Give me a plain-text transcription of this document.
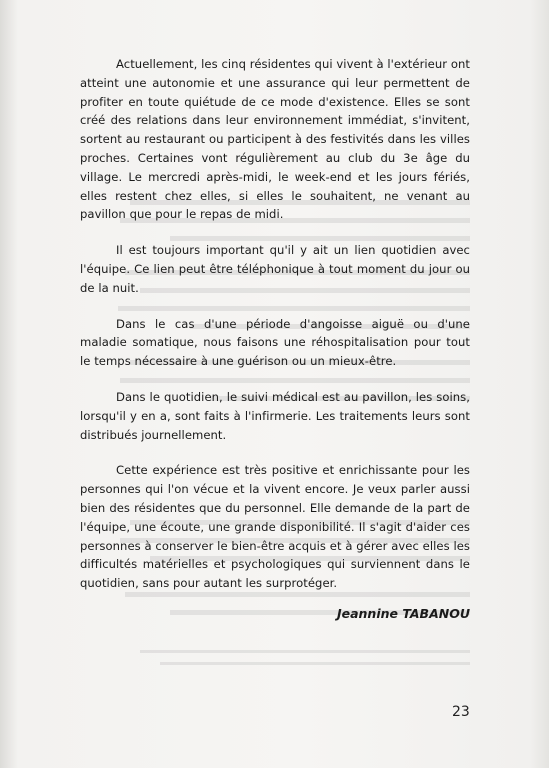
Actuellement, les cinq résidentes qui vivent à l'extérieur ont atteint une autonomie et une assurance qui leur permettent de profiter en toute quiétude de ce mode d'existence. Elles se sont créé des relations dans leur environnement immédiat, s'invitent, sortent au restaurant ou participent à des festivités dans les villes proches. Certaines vont régulièrement au club du 3e âge du village. Le mercredi après-midi, le week-end et les jours fériés, elles restent chez elles, si elles le souhaitent, ne venant au pavillon que pour le repas de midi.

Il est toujours important qu'il y ait un lien quotidien avec l'équipe. Ce lien peut être téléphonique à tout moment du jour ou de la nuit.

Dans le cas d'une période d'angoisse aiguë ou d'une maladie somatique, nous faisons une réhospitalisation pour tout le temps nécessaire à une guérison ou un mieux-être.

Dans le quotidien, le suivi médical est au pavillon, les soins, lorsqu'il y en a, sont faits à l'infirmerie. Les traitements leurs sont distribués journellement.

Cette expérience est très positive et enrichissante pour les personnes qui l'on vécue et la vivent encore. Je veux parler aussi bien des résidentes que du personnel. Elle demande de la part de l'équipe, une écoute, une grande disponibilité. Il s'agit d'aider ces personnes à conserver le bien-être acquis et à gérer avec elles les difficultés matérielles et psychologiques qui surviennent dans le quotidien, sans pour autant les surprotéger.

Jeannine TABANOU
23
